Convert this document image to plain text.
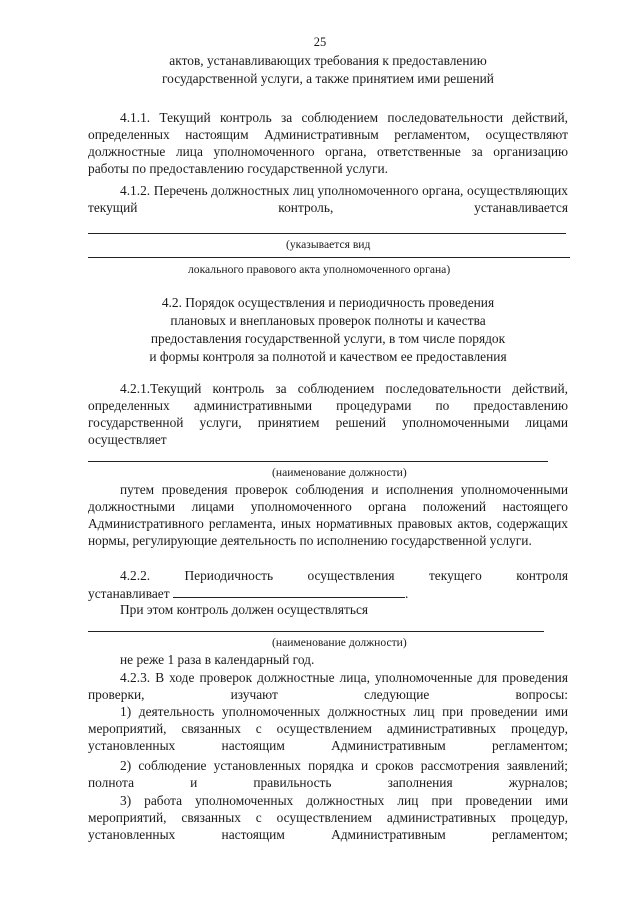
25
актов, устанавливающих требования к предоставлению
государственной услуги, а также принятием ими решений
4.1.1. Текущий контроль за соблюдением последовательности действий, определенных настоящим Административным регламентом, осуществляют должностные лица уполномоченного органа, ответственные за организацию работы по предоставлению государственной услуги.
4.1.2. Перечень должностных лиц уполномоченного органа, осуществляющих текущий контроль, устанавливается
(указывается вид
локального правового акта уполномоченного органа)
4.2. Порядок осуществления и периодичность проведения
плановых и внеплановых проверок полноты и качества
предоставления государственной услуги, в том числе порядок
и формы контроля за полнотой и качеством ее предоставления
4.2.1.Текущий контроль за соблюдением последовательности действий, определенных административными процедурами по предоставлению государственной услуги, принятием решений уполномоченными лицами осуществляет
(наименование должности)
путем проведения проверок соблюдения и исполнения уполномоченными должностными лицами уполномоченного органа положений настоящего Административного регламента, иных нормативных правовых актов, содержащих нормы, регулирующие деятельность по исполнению государственной услуги.
4.2.2. Периодичность осуществления текущего контроля
устанавливает	.
При этом контроль должен осуществляться
(наименование должности)
не реже 1 раза в календарный год.
4.2.3. В ходе проверок должностные лица, уполномоченные для проведения проверки, изучают следующие вопросы:
1) деятельность уполномоченных должностных лиц при проведении ими мероприятий, связанных с осуществлением административных процедур, установленных настоящим Административным регламентом;
2) соблюдение установленных порядка и сроков рассмотрения заявлений; полнота и правильность заполнения журналов;
3) работа уполномоченных должностных лиц при проведении ими мероприятий, связанных с осуществлением административных процедур, установленных настоящим Административным регламентом;
